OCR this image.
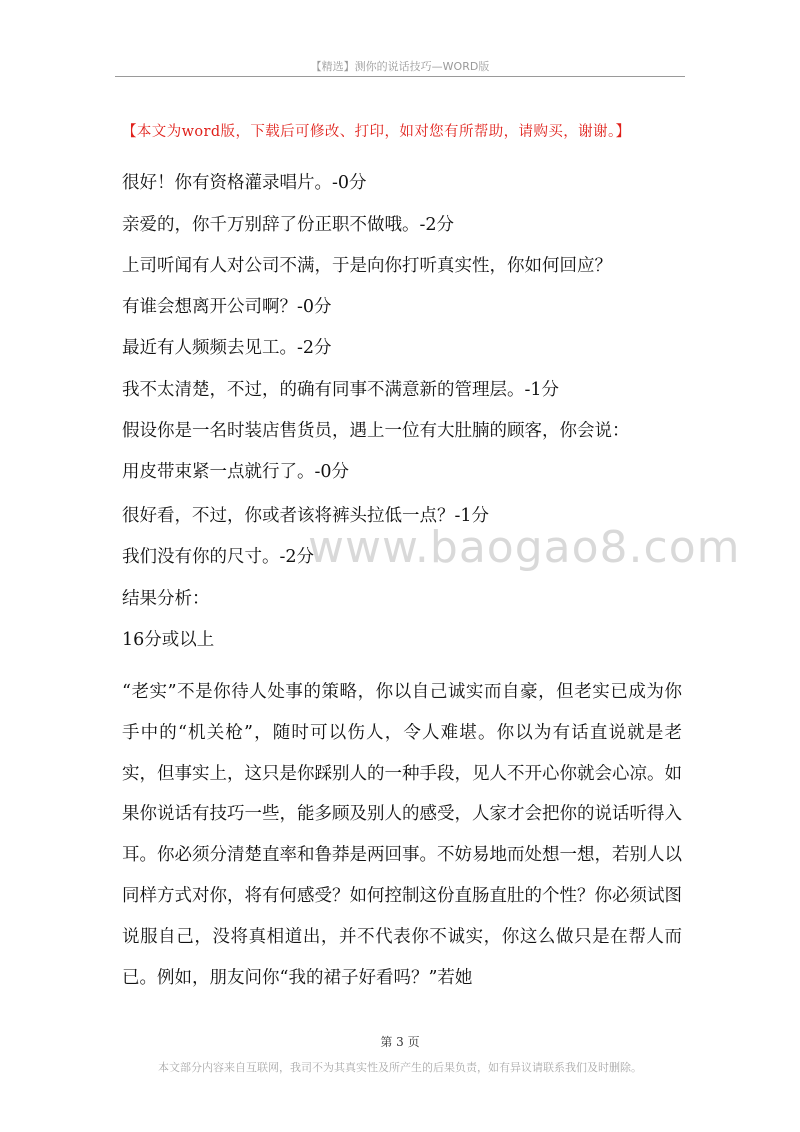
【精选】测你的说话技巧—WORD版
【本文为word版，下载后可修改、打印，如对您有所帮助，请购买，谢谢。】
很好！你有资格灌录唱片。-0分
亲爱的，你千万别辞了份正职不做哦。-2分
上司听闻有人对公司不满，于是向你打听真实性，你如何回应？
有谁会想离开公司啊？-0分
最近有人频频去见工。-2分
我不太清楚，不过，的确有同事不满意新的管理层。-1分
假设你是一名时装店售货员，遇上一位有大肚腩的顾客，你会说：
用皮带束紧一点就行了。-0分
很好看，不过，你或者该将裤头拉低一点？-1分
我们没有你的尺寸。-2分
结果分析：
16分或以上
“老实”不是你待人处事的策略，你以自己诚实而自豪，但老实已成为你手中的“机关枪”，随时可以伤人，令人难堪。你以为有话直说就是老实，但事实上，这只是你踩别人的一种手段，见人不开心你就会心凉。如果你说话有技巧一些，能多顾及别人的感受，人家才会把你的说话听得入耳。你必须分清楚直率和鲁莽是两回事。不妨易地而处想一想，若别人以同样方式对你，将有何感受？如何控制这份直肠直肚的个性？你必须试图说服自己，没将真相道出，并不代表你不诚实，你这么做只是在帮人而已。例如，朋友问你“我的裙子好看吗？”若她
www.baogao8.com
第 3 页
本文部分内容来自互联网，我司不为其真实性及所产生的后果负责，如有异议请联系我们及时删除。
